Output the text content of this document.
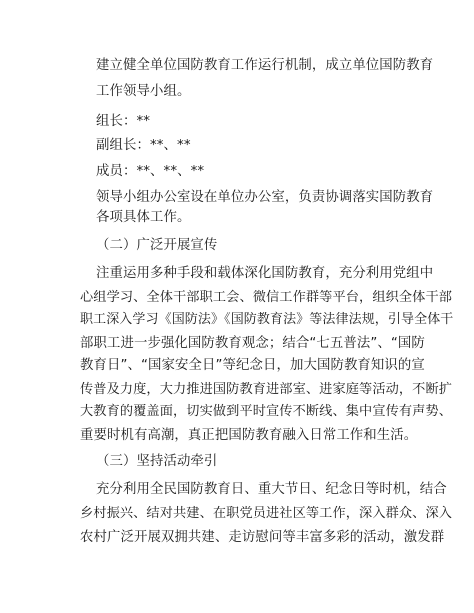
建立健全单位国防教育工作运行机制，成立单位国防教育
工作领导小组。
组长：**
副组长：**、**
成员：**、**、**
领导小组办公室设在单位办公室，负责协调落实国防教育
各项具体工作。
（二）广泛开展宣传
注重运用多种手段和载体深化国防教育，充分利用党组中
心组学习、全体干部职工会、微信工作群等平台，组织全体干部
职工深入学习《国防法》《国防教育法》等法律法规，引导全体干
部职工进一步强化国防教育观念；结合“七五普法”、“国防
教育日”、“国家安全日”等纪念日，加大国防教育知识的宣
传普及力度，大力推进国防教育进部室、进家庭等活动，不断扩
大教育的覆盖面，切实做到平时宣传不断线、集中宣传有声势、
重要时机有高潮，真正把国防教育融入日常工作和生活。
（三）坚持活动牵引
充分利用全民国防教育日、重大节日、纪念日等时机，结合
乡村振兴、结对共建、在职党员进社区等工作，深入群众、深入
农村广泛开展双拥共建、走访慰问等丰富多彩的活动，激发群
